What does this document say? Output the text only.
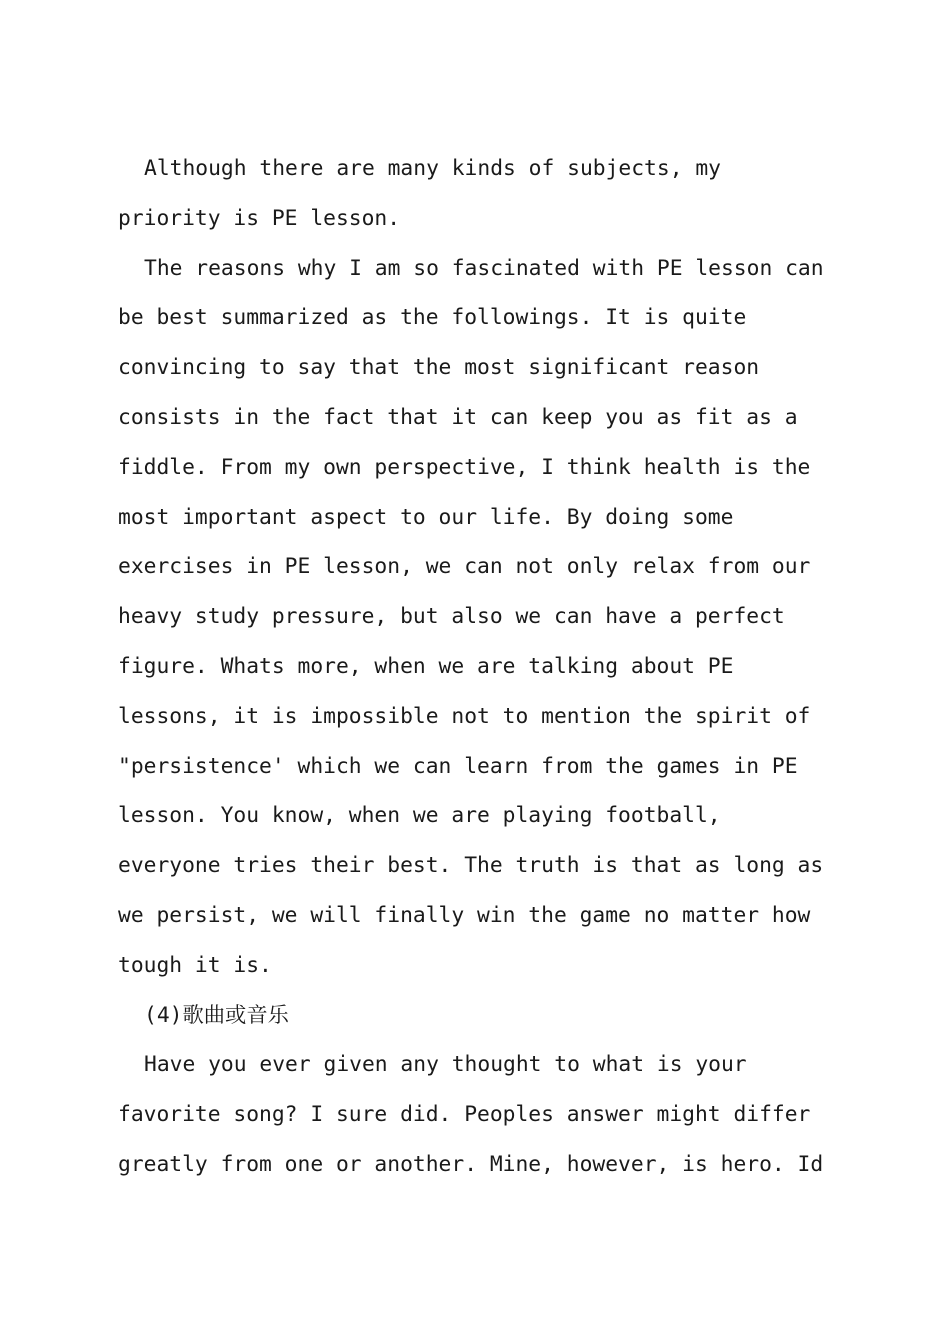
Although there are many kinds of subjects, my priority is PE lesson.

The reasons why I am so fascinated with PE lesson can be best summarized as the followings. It is quite convincing to say that the most significant reason consists in the fact that it can keep you as fit as a fiddle. From my own perspective, I think health is the most important aspect to our life. By doing some exercises in PE lesson, we can not only relax from our heavy study pressure, but also we can have a perfect figure. Whats more, when we are talking about PE lessons, it is impossible not to mention the spirit of "persistence' which we can learn from the games in PE lesson. You know, when we are playing football, everyone tries their best. The truth is that as long as we persist, we will finally win the game no matter how tough it is.

(4)歌曲或音乐

Have you ever given any thought to what is your favorite song? I sure did. Peoples answer might differ greatly from one or another. Mine, however, is hero. Id
